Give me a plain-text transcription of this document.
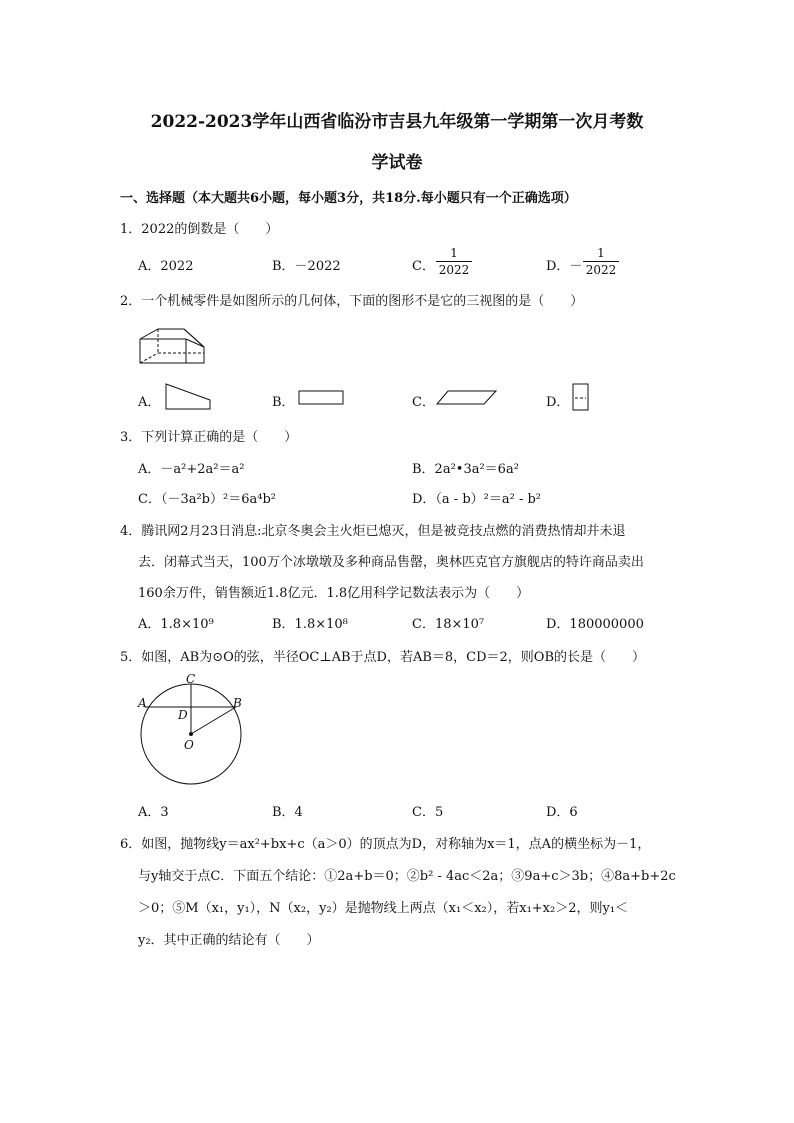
2022-2023学年山西省临汾市吉县九年级第一学期第一次月考数
学试卷
一、选择题（本大题共6小题，每小题3分，共18分.每小题只有一个正确选项）
1．2022的倒数是（　　）
A．2022	B．－2022	C．
1
2022	D．－
1
2022
2．一个机械零件是如图所示的几何体，下面的图形不是它的三视图的是（　　）
A．	B．	C．	D．
3．下列计算正确的是（　　）
A．－a²+2a²＝a²	B．2a²•3a²＝6a²
C．（－3a²b）²＝6a⁴b²	D．（a - b）²＝a² - b²
4．腾讯网2月23日消息:北京冬奥会主火炬已熄灭，但是被竞技点燃的消费热情却并未退
去．闭幕式当天，100万个冰墩墩及多种商品售罄，奥林匹克官方旗舰店的特许商品卖出
160余万件，销售额近1.8亿元．1.8亿用科学记数法表示为（　　）
A．1.8×10⁹	B．1.8×10⁸	C．18×10⁷	D．180000000
5．如图，AB为⊙O的弦，半径OC⊥AB于点D，若AB＝8，CD＝2，则OB的长是（　　）
C
A	B
D
O
A．3	B．4	C．5	D．6
6．如图，抛物线y＝ax²+bx+c（a＞0）的顶点为D，对称轴为x＝1，点A的横坐标为－1，
与y轴交于点C．下面五个结论：①2a+b＝0；②b² - 4ac＜2a；③9a+c＞3b；④8a+b+2c
＞0；⑤M（x₁，y₁），N（x₂，y₂）是抛物线上两点（x₁＜x₂），若x₁+x₂＞2，则y₁＜
y₂．其中正确的结论有（　　）
